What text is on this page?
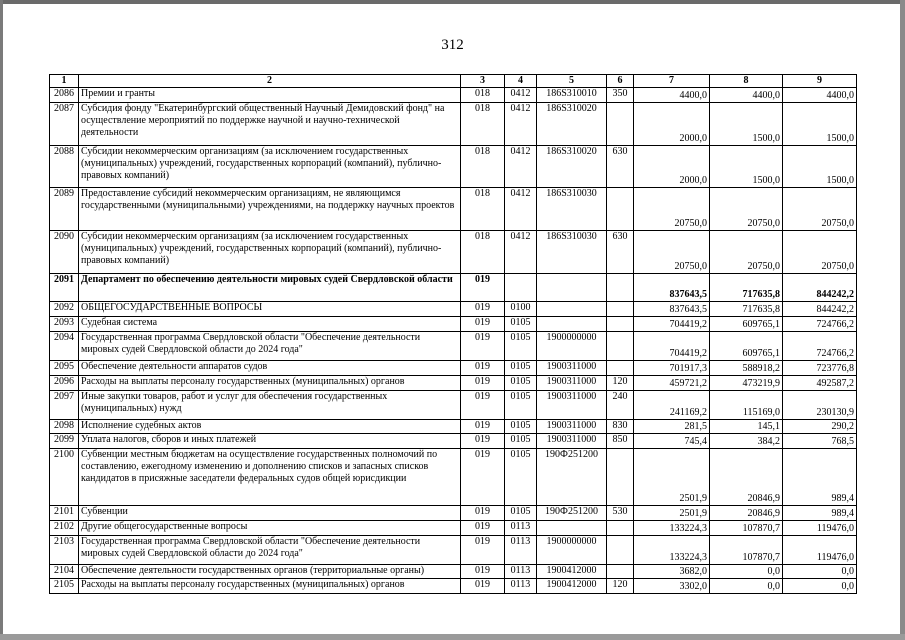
312
1	2	3	4	5	6	7	8	9
2086	Премии и гранты	018	0412	186S310010	350	4400,0	4400,0	4400,0
2087	Субсидия фонду "Екатеринбургский общественный Научный Демидовский фонд" на осуществление мероприятий по поддержке научной и научно-технической деятельности	018	0412	186S310020		2000,0	1500,0	1500,0
2088	Субсидии некоммерческим организациям (за исключением государственных (муниципальных) учреждений, государственных корпораций (компаний), публично-правовых компаний)	018	0412	186S310020	630	2000,0	1500,0	1500,0
2089	Предоставление субсидий некоммерческим организациям, не являющимся государственными (муниципальными) учреждениями, на поддержку научных проектов	018	0412	186S310030		20750,0	20750,0	20750,0
2090	Субсидии некоммерческим организациям (за исключением государственных (муниципальных) учреждений, государственных корпораций (компаний), публично-правовых компаний)	018	0412	186S310030	630	20750,0	20750,0	20750,0
2091	Департамент по обеспечению деятельности мировых судей Свердловской области	019				837643,5	717635,8	844242,2
2092	ОБЩЕГОСУДАРСТВЕННЫЕ ВОПРОСЫ	019	0100			837643,5	717635,8	844242,2
2093	Судебная система	019	0105			704419,2	609765,1	724766,2
2094	Государственная программа Свердловской области "Обеспечение деятельности мировых судей Свердловской области до 2024 года"	019	0105	1900000000		704419,2	609765,1	724766,2
2095	Обеспечение деятельности аппаратов судов	019	0105	1900311000		701917,3	588918,2	723776,8
2096	Расходы на выплаты персоналу государственных (муниципальных) органов	019	0105	1900311000	120	459721,2	473219,9	492587,2
2097	Иные закупки товаров, работ и услуг для обеспечения государственных (муниципальных) нужд	019	0105	1900311000	240	241169,2	115169,0	230130,9
2098	Исполнение судебных актов	019	0105	1900311000	830	281,5	145,1	290,2
2099	Уплата налогов, сборов и иных платежей	019	0105	1900311000	850	745,4	384,2	768,5
2100	Субвенции местным бюджетам на осуществление государственных полномочий по составлению, ежегодному изменению и дополнению списков и запасных списков кандидатов в присяжные заседатели федеральных судов общей юрисдикции	019	0105	190Ф251200		2501,9	20846,9	989,4
2101	Субвенции	019	0105	190Ф251200	530	2501,9	20846,9	989,4
2102	Другие общегосударственные вопросы	019	0113			133224,3	107870,7	119476,0
2103	Государственная программа Свердловской области "Обеспечение деятельности мировых судей Свердловской области до 2024 года"	019	0113	1900000000		133224,3	107870,7	119476,0
2104	Обеспечение деятельности государственных органов (территориальные органы)	019	0113	1900412000		3682,0	0,0	0,0
2105	Расходы на выплаты персоналу государственных (муниципальных) органов	019	0113	1900412000	120	3302,0	0,0	0,0
